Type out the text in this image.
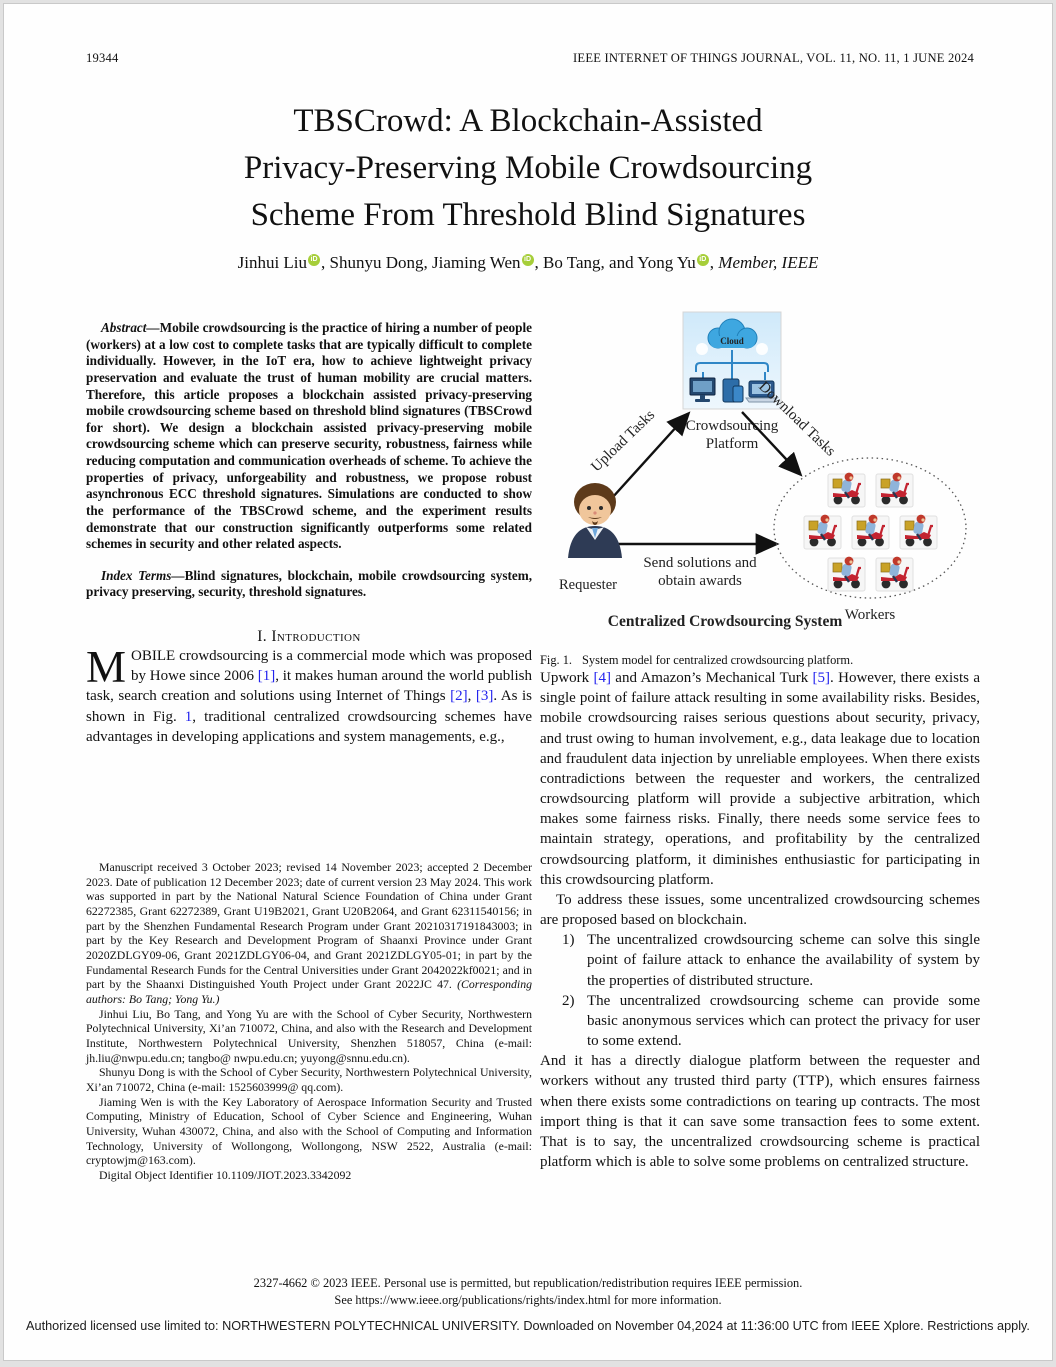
19344	IEEE INTERNET OF THINGS JOURNAL, VOL. 11, NO. 11, 1 JUNE 2024
TBSCrowd: A Blockchain-Assisted
Privacy-Preserving Mobile Crowdsourcing
Scheme From Threshold Blind Signatures
Jinhui Liu iD , Shunyu Dong, Jiaming Wen iD , Bo Tang, and Yong Yu iD , Member, IEEE

Abstract—Mobile crowdsourcing is the practice of hiring a number of people (workers) at a low cost to complete tasks that are typically difficult to complete individually. However, in the IoT era, how to achieve lightweight privacy preservation and evaluate the trust of human mobility are crucial matters. Therefore, this article proposes a blockchain assisted privacy-preserving mobile crowdsourcing scheme based on threshold blind signatures (TBSCrowd for short). We design a blockchain assisted privacy-preserving mobile crowdsourcing scheme which can preserve security, robustness, fairness while reducing computation and communication overheads of scheme. To achieve the properties of privacy, unforgeability and robustness, we propose robust asynchronous ECC threshold signatures. Simulations are conducted to show the performance of the TBSCrowd scheme, and the experiment results demonstrate that our construction significantly outperforms some related schemes in security and other related aspects.

Index Terms—Blind signatures, blockchain, mobile crowdsourcing system, privacy preserving, security, threshold signatures.

I. Introduction

MOBILE crowdsourcing is a commercial mode which was proposed by Howe since 2006 [1], it makes human around the world publish task, search creation and solutions using Internet of Things [2], [3]. As is shown in Fig. 1, traditional centralized crowdsourcing schemes have advantages in developing applications and system managements, e.g.,

Manuscript received 3 October 2023; revised 14 November 2023; accepted 2 December 2023. Date of publication 12 December 2023; date of current version 23 May 2024. This work was supported in part by the National Natural Science Foundation of China under Grant 62272385, Grant 62272389, Grant U19B2021, Grant U20B2064, and Grant 62311540156; in part by the Shenzhen Fundamental Research Program under Grant 20210317191843003; in part by the Key Research and Development Program of Shaanxi Province under Grant 2020ZDLGY09-06, Grant 2021ZDLGY06-04, and Grant 2021ZDLGY05-01; in part by the Fundamental Research Funds for the Central Universities under Grant 2042022kf0021; and in part by the Shaanxi Distinguished Youth Project under Grant 2022JC 47. (Corresponding authors: Bo Tang; Yong Yu.)

Jinhui Liu, Bo Tang, and Yong Yu are with the School of Cyber Security, Northwestern Polytechnical University, Xi’an 710072, China, and also with the Research and Development Institute, Northwestern Polytechnical University, Shenzhen 518057, China (e-mail: jh.liu@nwpu.edu.cn; tangbo@ nwpu.edu.cn; yuyong@snnu.edu.cn).

Shunyu Dong is with the School of Cyber Security, Northwestern Polytechnical University, Xi’an 710072, China (e-mail: 1525603999@ qq.com).

Jiaming Wen is with the Key Laboratory of Aerospace Information Security and Trusted Computing, Ministry of Education, School of Cyber Science and Engineering, Wuhan University, Wuhan 430072, China, and also with the School of Computing and Information Technology, University of Wollongong, Wollongong, NSW 2522, Australia (e-mail: cryptowjm@163.com).

Digital Object Identifier 10.1109/JIOT.2023.3342092

Cloud
Crowdsourcing
Platform
Upload Tasks	Download Tasks
Requester
Send solutions and
obtain awards
Workers
Centralized Crowdsourcing System
Fig. 1. System model for centralized crowdsourcing platform.

Upwork [4] and Amazon’s Mechanical Turk [5]. However, there exists a single point of failure attack resulting in some availability risks. Besides, mobile crowdsourcing raises serious questions about security, privacy, and trust owing to human involvement, e.g., data leakage due to location and fraudulent data injection by unreliable employees. When there exists contradictions between the requester and workers, the centralized crowdsourcing platform will provide a subjective arbitration, which makes some fairness risks. Finally, there needs some service fees to maintain strategy, operations, and profitability by the centralized crowdsourcing platform, it diminishes enthusiastic for participating in this crowdsourcing platform.

To address these issues, some uncentralized crowdsourcing schemes are proposed based on blockchain.

1) The uncentralized crowdsourcing scheme can solve this single point of failure attack to enhance the availability of system by the properties of distributed structure.
2) The uncentralized crowdsourcing scheme can provide some basic anonymous services which can protect the privacy for user to some extend.

And it has a directly dialogue platform between the requester and workers without any trusted third party (TTP), which ensures fairness when there exists some contradictions on tearing up contracts. The most import thing is that it can save some transaction fees to some extent. That is to say, the uncentralized crowdsourcing scheme is practical platform which is able to solve some problems on centralized structure.

2327-4662 © 2023 IEEE. Personal use is permitted, but republication/redistribution requires IEEE permission.
See https://www.ieee.org/publications/rights/index.html for more information.
Authorized licensed use limited to: NORTHWESTERN POLYTECHNICAL UNIVERSITY. Downloaded on November 04,2024 at 11:36:00 UTC from IEEE Xplore. Restrictions apply.
